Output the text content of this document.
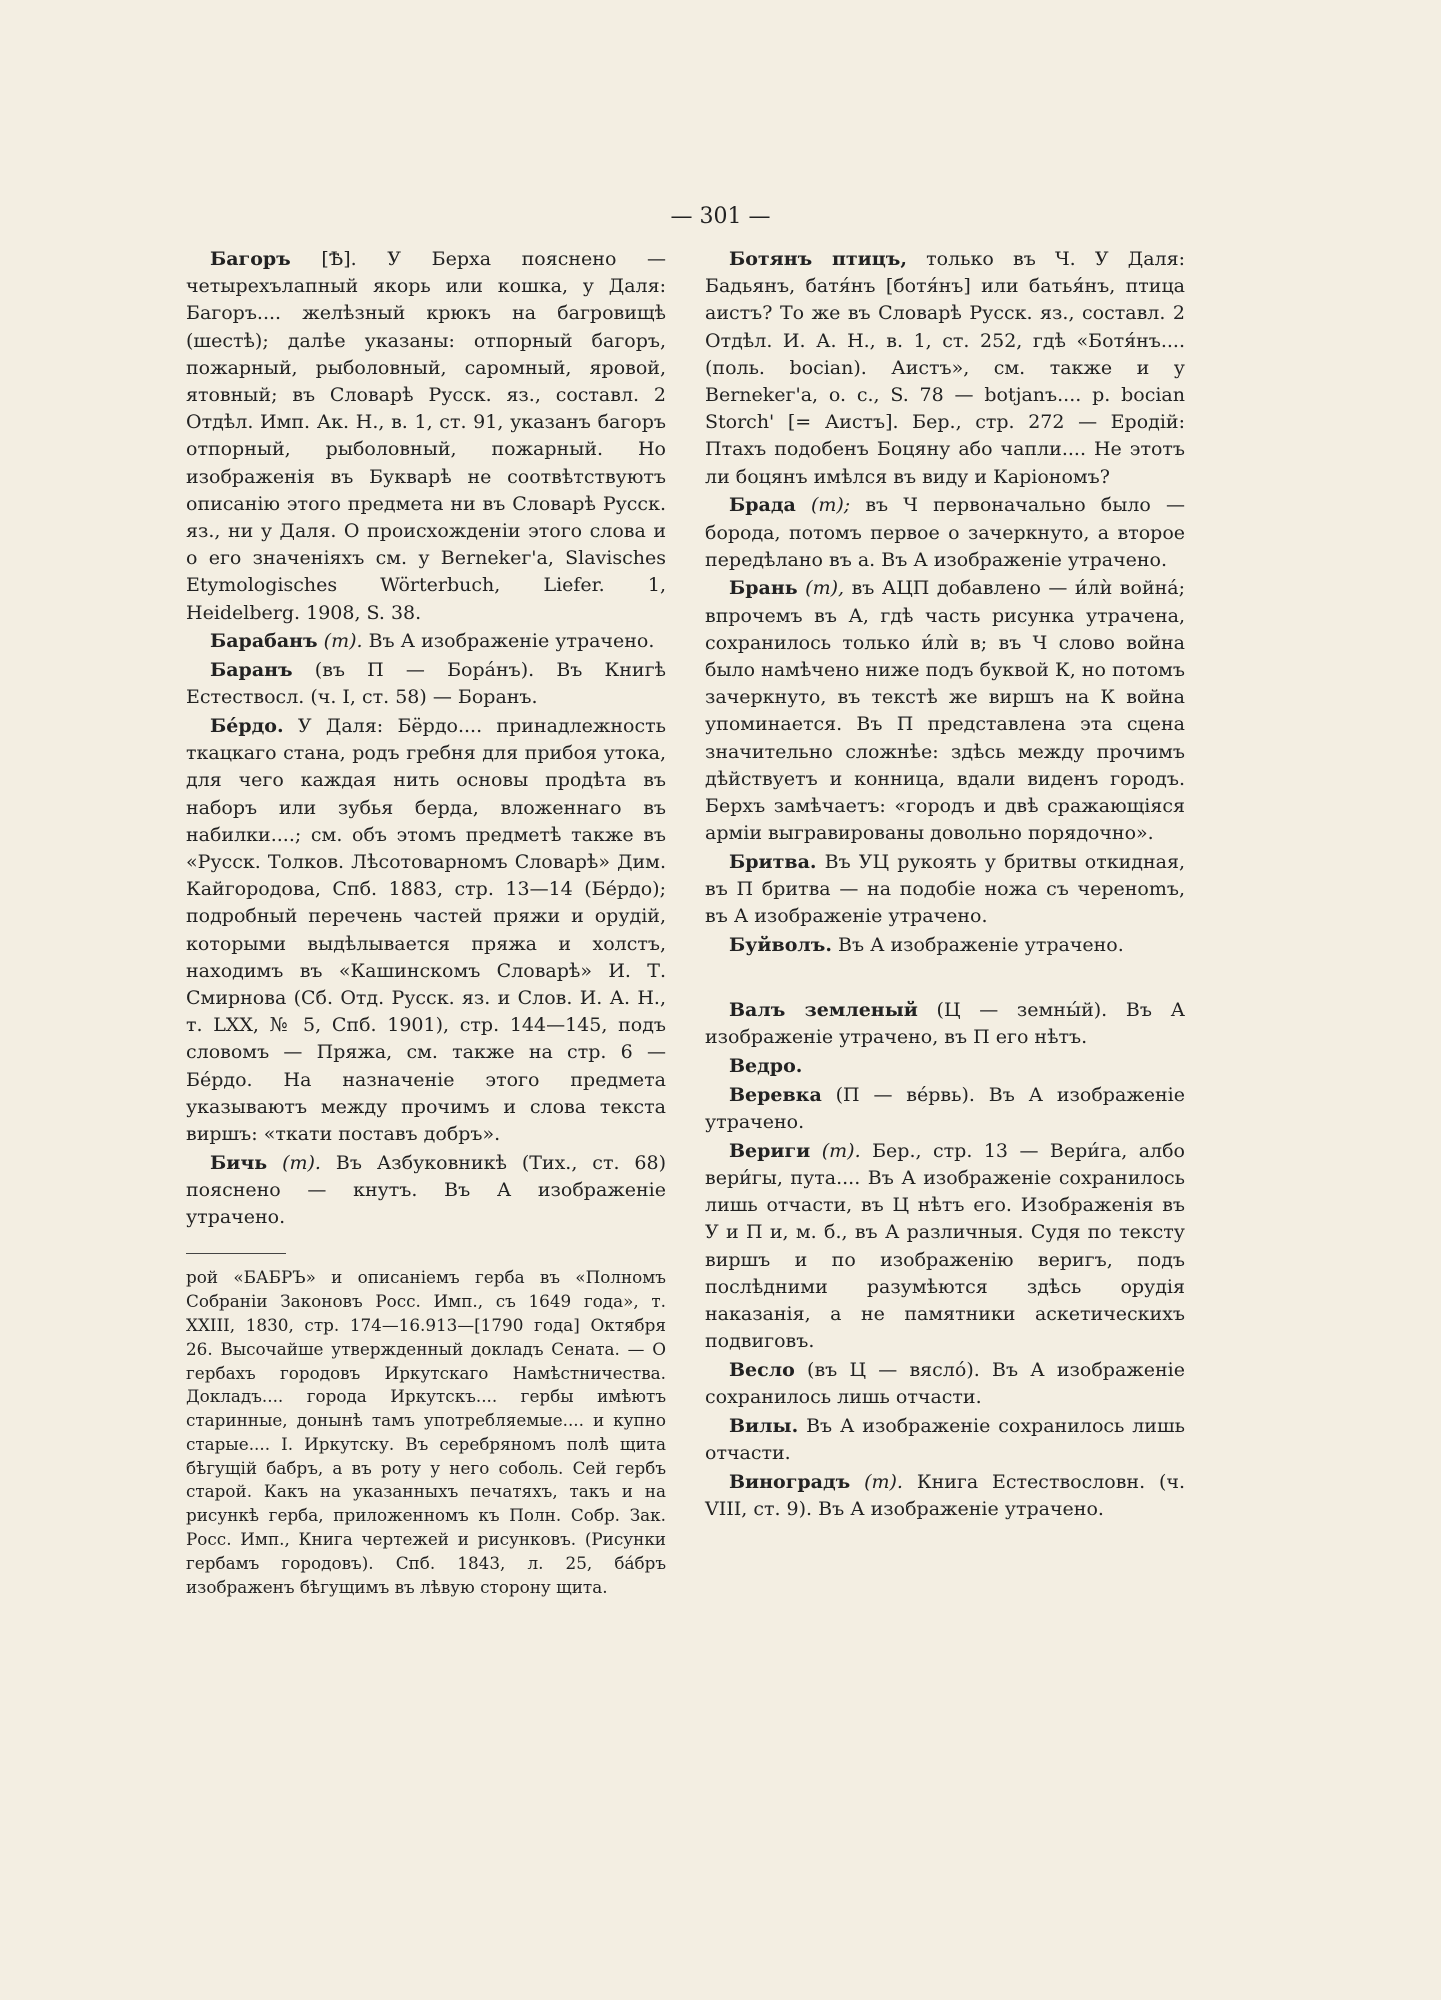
— 301 —

Багоръ [Ѣ]. У Берха пояснено — четырехълапный якорь или кошка, у Даля: Багоръ.... желѣзный крюкъ на багровищѣ (шестѣ); далѣе указаны: отпорный багоръ, пожарный, рыболовный, саромный, яровой, ятовный; въ Словарѣ Русск. яз., составл. 2 Отдѣл. Имп. Ак. Н., в. 1, ст. 91, указанъ багоръ отпорный, рыболовный, пожарный. Но изображенія въ Букварѣ не соотвѣтствуютъ описанію этого предмета ни въ Словарѣ Русск. яз., ни у Даля. О происхожденіи этого слова и о его значеніяхъ см. у Bernekeг'a, Slavisches Etymologisches Wörterbuch, Liefer. 1, Heidelberg. 1908, S. 38.

Барабанъ (т). Въ А изображеніе утрачено.

Баранъ (въ П — Бора́нъ). Въ Книгѣ Естествосл. (ч. I, ст. 58) — Боранъ.

Бе́рдо. У Даля: Бёрдо.... принадлежность ткацкаго стана, родъ гребня для прибоя утока, для чего каждая нить основы продѣта въ наборъ или зубья берда, вложеннаго въ набилки....; см. объ этомъ предметѣ также въ «Русск. Толков. Лѣсотоварномъ Словарѣ» Дим. Кайгородова, Спб. 1883, стр. 13—14 (Бе́рдо); подробный перечень частей пряжи и орудій, которыми выдѣлывается пряжа и холстъ, находимъ въ «Кашинскомъ Словарѣ» И. Т. Смирнова (Сб. Отд. Русск. яз. и Слов. И. А. Н., т. LXX, № 5, Спб. 1901), стр. 144—145, подъ словомъ — Пряжа, см. также на стр. 6 — Бе́рдо. На назначеніе этого предмета указываютъ между прочимъ и слова текста виршъ: «ткати поставъ добръ».

Бичь (т). Въ Азбуковникѣ (Тих., ст. 68) пояснено — кнутъ. Въ А изображеніе утрачено.

рой «БАБРЪ» и описаніемъ герба въ «Полномъ Собраніи Законовъ Росс. Имп., съ 1649 года», т. XXIII, 1830, стр. 174—16.913—[1790 года] Октября 26. Высочайше утвержденный докладъ Сената. — О гербахъ городовъ Иркутскаго Намѣстничества. Докладъ.... города Иркутскъ.... гербы имѣютъ старинные, донынѣ тамъ употребляемые.... и купно старые.... I. Иркутску. Въ серебряномъ полѣ щита бѣгущій бабръ, а въ роту у него соболь. Сей гербъ старой. Какъ на указанныхъ печатяхъ, такъ и на рисункѣ герба, приложенномъ къ Полн. Собр. Зак. Росс. Имп., Книга чертежей и рисунковъ. (Рисунки гербамъ городовъ). Спб. 1843, л. 25, ба́бръ изображенъ бѣгущимъ въ лѣвую сторону щита.

Ботянъ птицъ, только въ Ч. У Даля: Бадьянъ, батя́нъ [ботя́нъ] или батья́нъ, птица аистъ? То же въ Словарѣ Русск. яз., составл. 2 Отдѣл. И. А. Н., в. 1, ст. 252, гдѣ «Ботя́нъ.... (поль. bocian). Аистъ», см. также и у Bernekег'a, o. c., S. 78 — botjanъ.... p. bocian Storch' [= Аистъ]. Бер., стр. 272 — Еродій: Птахъ подобенъ Боцяну або чапли.... Не этотъ ли боцянъ имѣлся въ виду и Каріономъ?

Брада (т); въ Ч первоначально было — борода, потомъ первое о зачеркнуто, а второе передѣлано въ а. Въ А изображеніе утрачено.

Брань (т), въ АЦП добавлено — и́лѝ война́; впрочемъ въ А, гдѣ часть рисунка утрачена, сохранилось только и́лѝ в; въ Ч слово война было намѣчено ниже подъ буквой К, но потомъ зачеркнуто, въ текстѣ же виршъ на К война упоминается. Въ П представлена эта сцена значительно сложнѣе: здѣсь между прочимъ дѣйствуетъ и конница, вдали виденъ городъ. Берхъ замѣчаетъ: «городъ и двѣ сражающіяся арміи выгравированы довольно порядочно».

Бритва. Въ УЦ рукоять у бритвы откидная, въ П бритва — на подобіе ножа съ черенomъ, въ А изображеніе утрачено.

Буйволъ. Въ А изображеніе утрачено.

Валъ земленый (Ц — земны́й). Въ А изображеніе утрачено, въ П его нѣтъ.

Ведро.

Веревка (П — ве́рвь). Въ А изображеніе утрачено.

Вериги (т). Бер., стр. 13 — Вери́га, албо вери́гы, пута.... Въ А изображеніе сохранилось лишь отчасти, въ Ц нѣтъ его. Изображенія въ У и П и, м. б., въ А различныя. Судя по тексту виршъ и по изображенію веригъ, подъ послѣдними разумѣются здѣсь орудія наказанія, а не памятники аскетическихъ подвиговъ.

Весло (въ Ц — вясло́). Въ А изображеніе сохранилось лишь отчасти.

Вилы. Въ А изображеніе сохранилось лишь отчасти.

Виноградъ (т). Книга Естествословн. (ч. VIII, ст. 9). Въ А изображеніе утрачено.
